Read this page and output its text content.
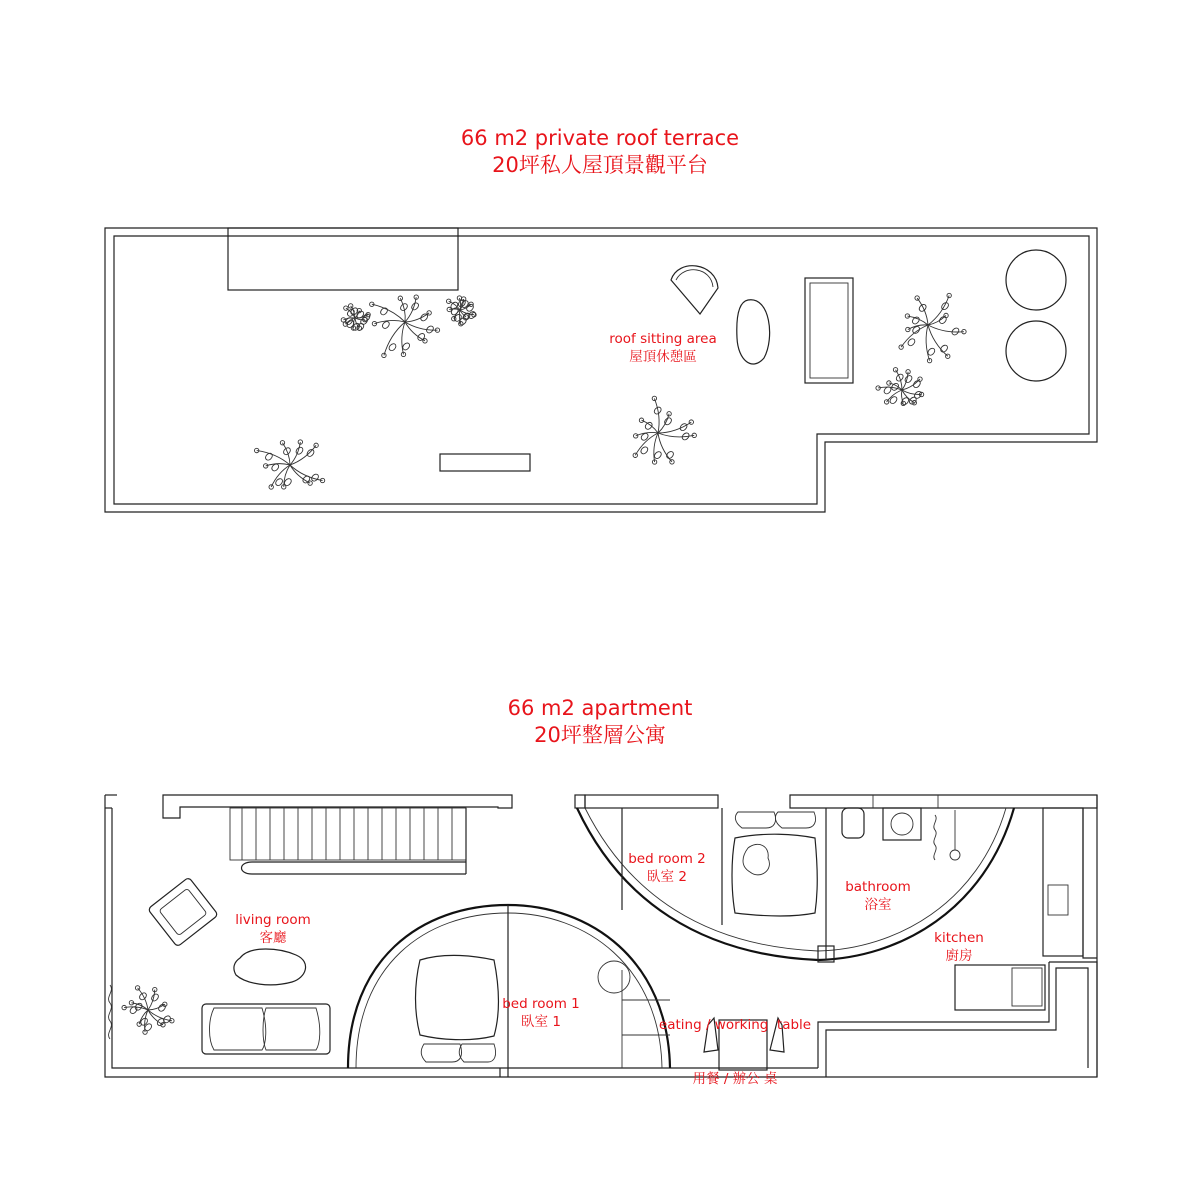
66 m2 private roof terrace
20坪私人屋頂景觀平台
66 m2 apartment
20坪整層公寓
roof sitting area
屋頂休憩區
living room
客廳
bed room 1
臥室 1
bed room 2
臥室 2
bathroom
浴室
kitchen
廚房

eating / working  table

用餐 / 辦公 桌
